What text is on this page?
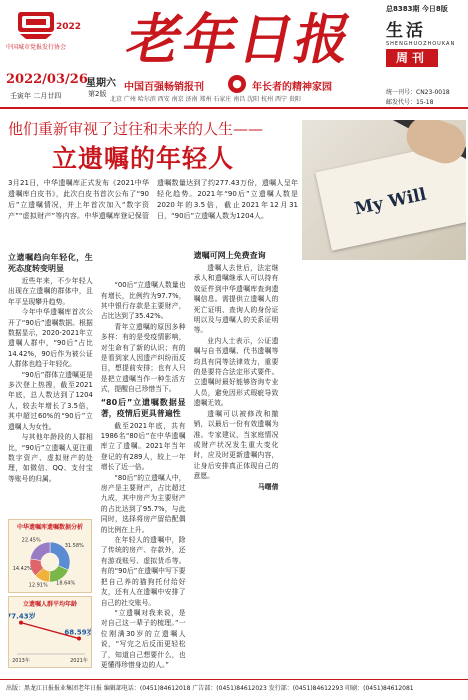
2022
中国城市党报发行协会
2022/03/26
星期六
壬寅年 二月廿四	第2版
老年日报
中国百强畅销报刊	●	年长者的精神家园
北京 广州 哈尔滨 西安 南京 济南 郑州 石家庄 南昌 沈阳 杭州 西宁 贵阳
总8383期 今日8版
生活
SHENGHUOZHOUKAN
周刊
统一刊号：CN23-0018
邮发代号：15-18
他们重新审视了过往和未来的人生——
立遗嘱的年轻人
My Will
3月21日，中华遗嘱库正式发布《2021中华遗嘱库白皮书》，此次白皮书首次公布了“90后”立遗嘱情况，并上年首次加入“数字资产”“虚拟财产”等内容。中华遗嘱库登记保管遗嘱数量达到了约277.43万份，遗嘱人呈年轻化趋势。2021年“90后”立遗嘱人数是2020年的3.5倍，截止2021年12月31日，“90后”立遗嘱人数为1204人。
立遗嘱趋向年轻化，生死态度转变明显

近些年来，不少年轻人出现在立遗嘱的群体中，且年平呈现攀升趋势。

今年中华遗嘱库首次公开了“90后”遗嘱数据。根据数据显示，2020-2021年立遗嘱人群中，“90后”占比14.42%，90后作为被公证人群体也趋于年轻化。

“90后”群体立遗嘱更是多次登上热搜，截至2021年底，总人数达到了1204人，较去年增长了3.5倍，其中超过60%的“90后”立遗嘱人为女性。

与其他年龄段的人群相比，“90后”立遗嘱人更注重数字资产、虚拟财产的处理，如微信、QQ、支付宝等账号的归属。

“00后”立遗嘱人数量也有增长，比例约为97.7%，其中银行存款是主要财产，占比达到了35.42%。

青年立遗嘱的原因多种多样：有的是受疫情影响，对生命有了新的认识；有的是看到家人因遗产纠纷而反目，想提前安排；也有人只是把立遗嘱当作一种生活方式，提醒自己珍惜当下。

“80后”立遗嘱数据显著，疫情后更具普遍性

截至2021年底，共有1986名“80后”在中华遗嘱库立了遗嘱。2021年当年登记的有289人，较上一年增长了近一倍。

“80后”的立遗嘱人中，房产是主要财产，占比超过九成，其中房产为主要财产的占比达到了95.7%，与此同时，选择将房产留给配偶的比例在上升。

在年轻人的遗嘱中，除了传统的房产、存款外，还有游戏账号、虚拟货币等。有的“90后”在遗嘱中写下要把自己养的猫狗托付给好友，还有人在遗嘱中安排了自己的社交账号。

“立遗嘱对我来说，是对自己这一辈子的梳理。”一位刚满30岁的立遗嘱人说，“写完之后反而更轻松了，知道自己想要什么，也更懂得珍惜身边的人。”

遗嘱可网上免费查询

遗嘱人去世后，法定继承人和遗嘱继承人可以持有效证件到中华遗嘱库查询遗嘱信息。需提供立遗嘱人的死亡证明、查询人的身份证明以及与遗嘱人的关系证明等。

业内人士表示，公证遗嘱与自书遗嘱、代书遗嘱等均具有同等法律效力，重要的是要符合法定形式要件。立遗嘱时最好能够咨询专业人员，避免因形式瑕疵导致遗嘱无效。

遗嘱可以被修改和撤销，以最后一份有效遗嘱为准。专家建议，当家庭情况或财产状况发生重大变化时，应及时更新遗嘱内容，让身后安排真正体现自己的意愿。

马曙倩

中华遗嘱库遗嘱数据分析
31.58%
18.64%
12.91%
14.42%
22.45%
立遗嘱人群平均年龄
77.43岁
2013年
68.59岁
2021年
出版：黑龙江日报报业集团老年日报 编辑部电话：(0451)84612018 广告部：(0451)84612023 发行部：(0451)84612293 印刷：(0451)84612081
